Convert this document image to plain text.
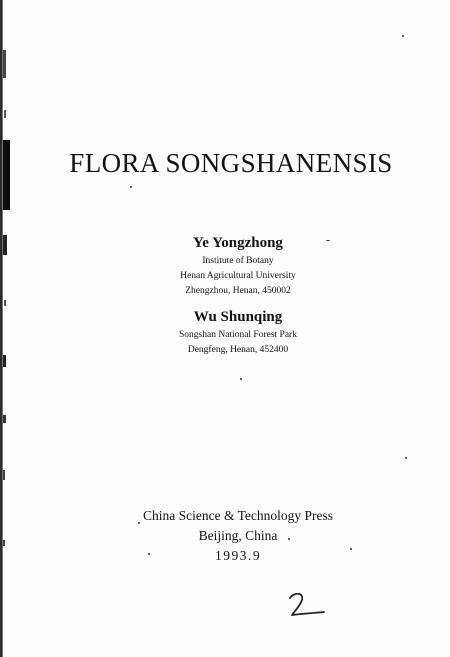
FLORA SONGSHANENSIS
Ye Yongzhong
Institute of Botany
Henan Agricultural University
Zhengzhou, Henan, 450002
Wu Shunqing
Songshan National Forest Park
Dengfeng, Henan, 452400
China Science & Technology Press
Beijing, China
1993.9
